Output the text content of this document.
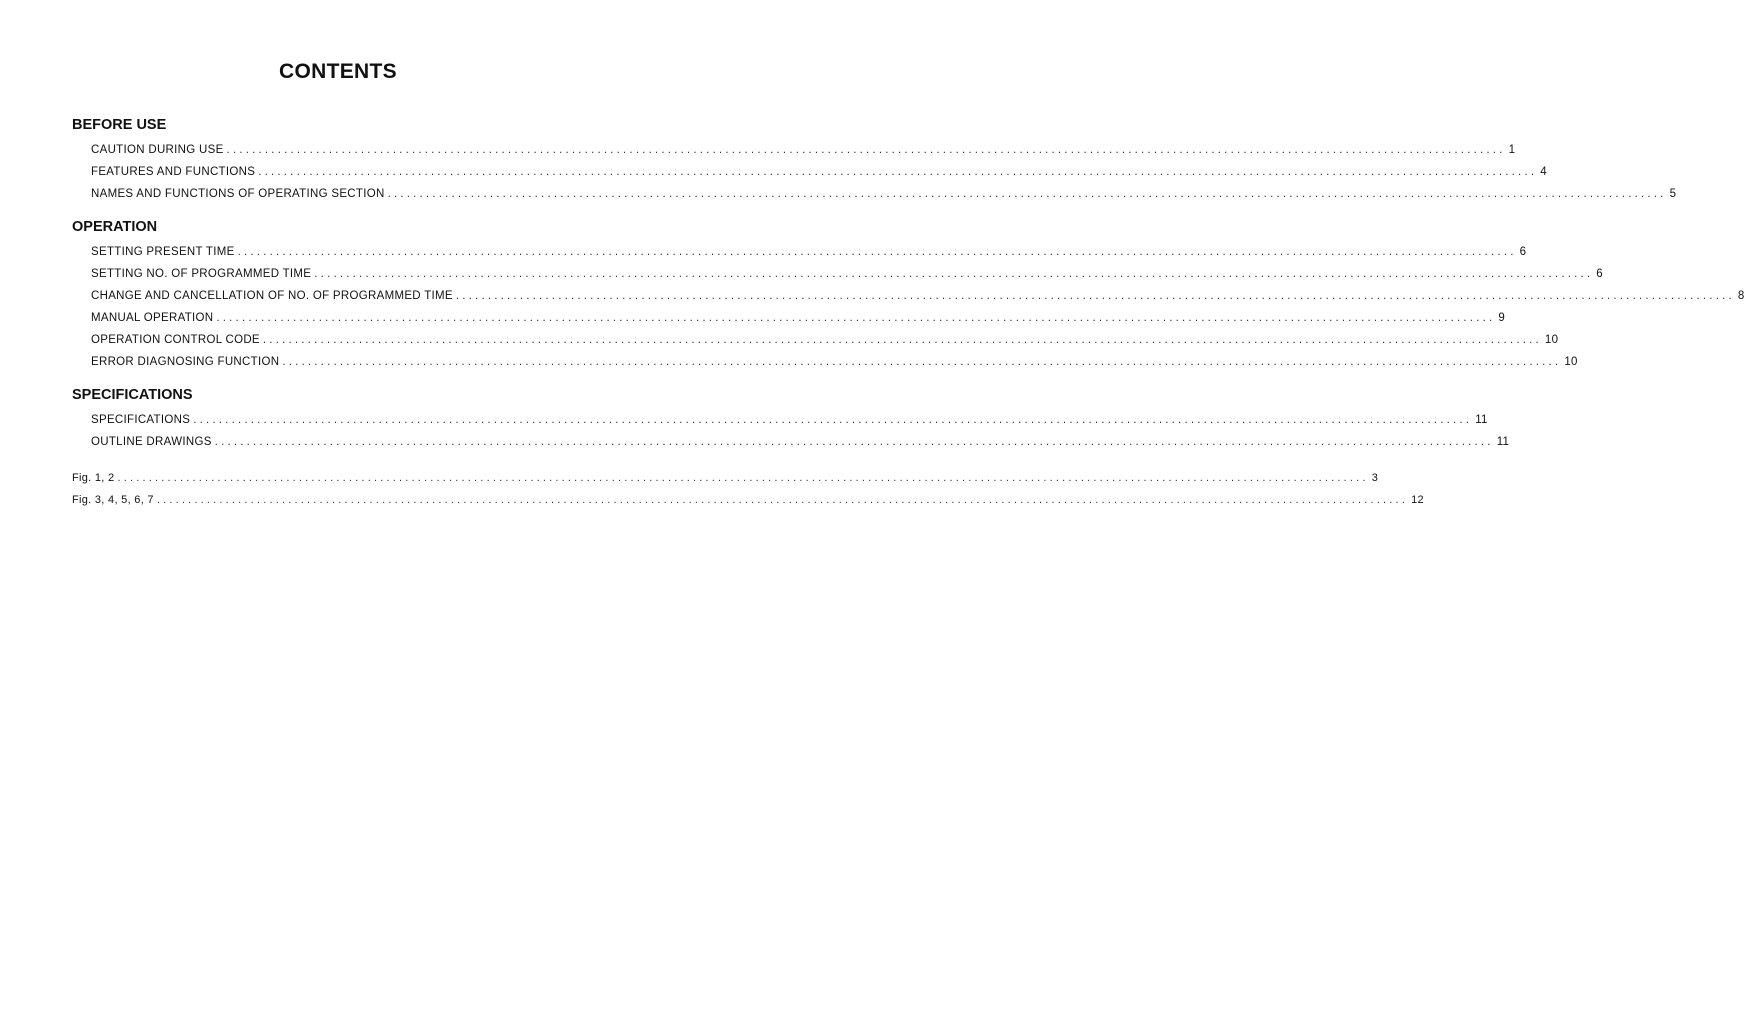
CONTENTS
BEFORE USE
CAUTION DURING USE ........................................................................................................................................................................................................ 1
FEATURES AND FUNCTIONS ........................................................................................................................................................................................................ 4
NAMES AND FUNCTIONS OF OPERATING SECTION ........................................................................................................................................................................................................ 5
OPERATION
SETTING PRESENT TIME ........................................................................................................................................................................................................ 6
SETTING NO. OF PROGRAMMED TIME ........................................................................................................................................................................................................ 6
CHANGE AND CANCELLATION OF NO. OF PROGRAMMED TIME ........................................................................................................................................................................................................ 8
MANUAL OPERATION ........................................................................................................................................................................................................ 9
OPERATION CONTROL CODE ........................................................................................................................................................................................................ 10
ERROR DIAGNOSING FUNCTION ........................................................................................................................................................................................................ 10
SPECIFICATIONS
SPECIFICATIONS ........................................................................................................................................................................................................ 11
OUTLINE DRAWINGS ........................................................................................................................................................................................................ 11
Fig. 1, 2 ........................................................................................................................................................................................................ 3
Fig. 3, 4, 5, 6, 7 ........................................................................................................................................................................................................ 12
